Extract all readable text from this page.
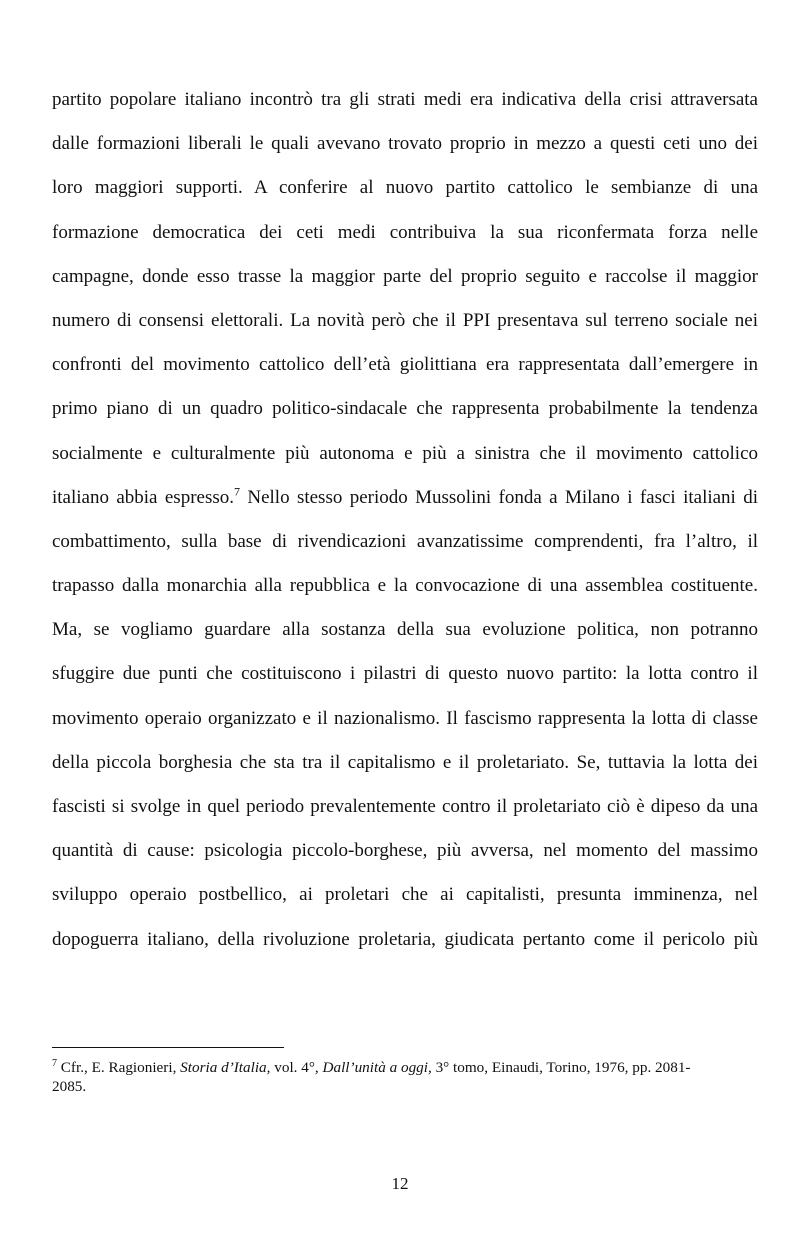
partito popolare italiano incontrò tra gli strati medi era indicativa della crisi attraversata
dalle formazioni liberali le quali avevano trovato proprio in mezzo a questi ceti uno dei
loro maggiori supporti. A conferire al nuovo partito cattolico le sembianze di una
formazione democratica dei ceti medi contribuiva la sua riconfermata forza nelle
campagne, donde esso trasse la maggior parte del proprio seguito e raccolse il maggior
numero di consensi elettorali. La novità però che il PPI presentava sul terreno sociale nei
confronti del movimento cattolico dell’età giolittiana era rappresentata dall’emergere in
primo piano di un quadro politico-sindacale che rappresenta probabilmente la tendenza
socialmente e culturalmente più autonoma e più a sinistra che il movimento cattolico
italiano abbia espresso.$^7$ Nello stesso periodo Mussolini fonda a Milano i fasci italiani di
combattimento, sulla base di rivendicazioni avanzatissime comprendenti, fra l’altro, il
trapasso dalla monarchia alla repubblica e la convocazione di una assemblea costituente.
Ma, se vogliamo guardare alla sostanza della sua evoluzione politica, non potranno
sfuggire due punti che costituiscono i pilastri di questo nuovo partito: la lotta contro il
movimento operaio organizzato e il nazionalismo. Il fascismo rappresenta la lotta di classe
della piccola borghesia che sta tra il capitalismo e il proletariato. Se, tuttavia la lotta dei
fascisti si svolge in quel periodo prevalentemente contro il proletariato ciò è dipeso da una
quantità di cause: psicologia piccolo-borghese, più avversa, nel momento del massimo
sviluppo operaio postbellico, ai proletari che ai capitalisti, presunta imminenza, nel
dopoguerra italiano, della rivoluzione proletaria, giudicata pertanto come il pericolo più
$^7$ Cfr., E. Ragionieri, Storia d’Italia, vol. 4°, Dall’unità a oggi, 3° tomo, Einaudi, Torino, 1976, pp. 2081-
2085.
12
